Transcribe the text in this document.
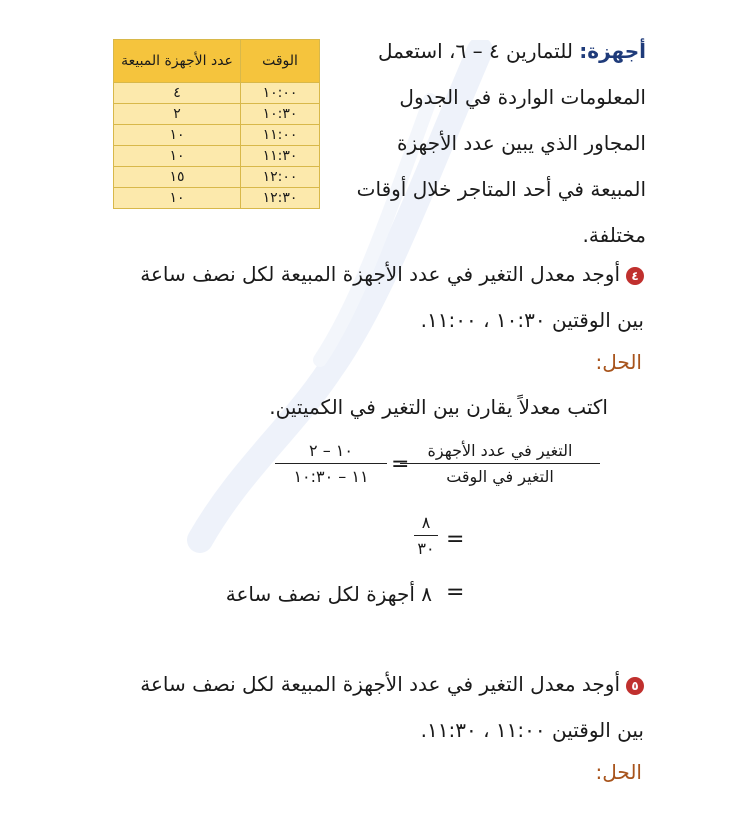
أجهزة: للتمارين ٤ – ٦، استعمل المعلومات الواردة في الجدول المجاور الذي يبين عدد الأجهزة المبيعة في أحد المتاجر خلال أوقات مختلفة.
الوقت	عدد الأجهزة المبيعة
١٠:٠٠	٤
١٠:٣٠	٢
١١:٠٠	١٠
١١:٣٠	١٠
١٢:٠٠	١٥
١٢:٣٠	١٠
٤أوجد معدل التغير في عدد الأجهزة المبيعة لكل نصف ساعة بين الوقتين ١٠:٣٠ ، ١١:٠٠.
الحل:
اكتب معدلاً يقارن بين التغير في الكميتين.
التغير في عدد الأجهزة
التغير في الوقت
=
١٠ – ٢
١١ – ١٠:٣٠
٨
٣٠ =
=
٨ أجهزة لكل نصف ساعة
٥أوجد معدل التغير في عدد الأجهزة المبيعة لكل نصف ساعة بين الوقتين ١١:٠٠ ، ١١:٣٠.
الحل:
